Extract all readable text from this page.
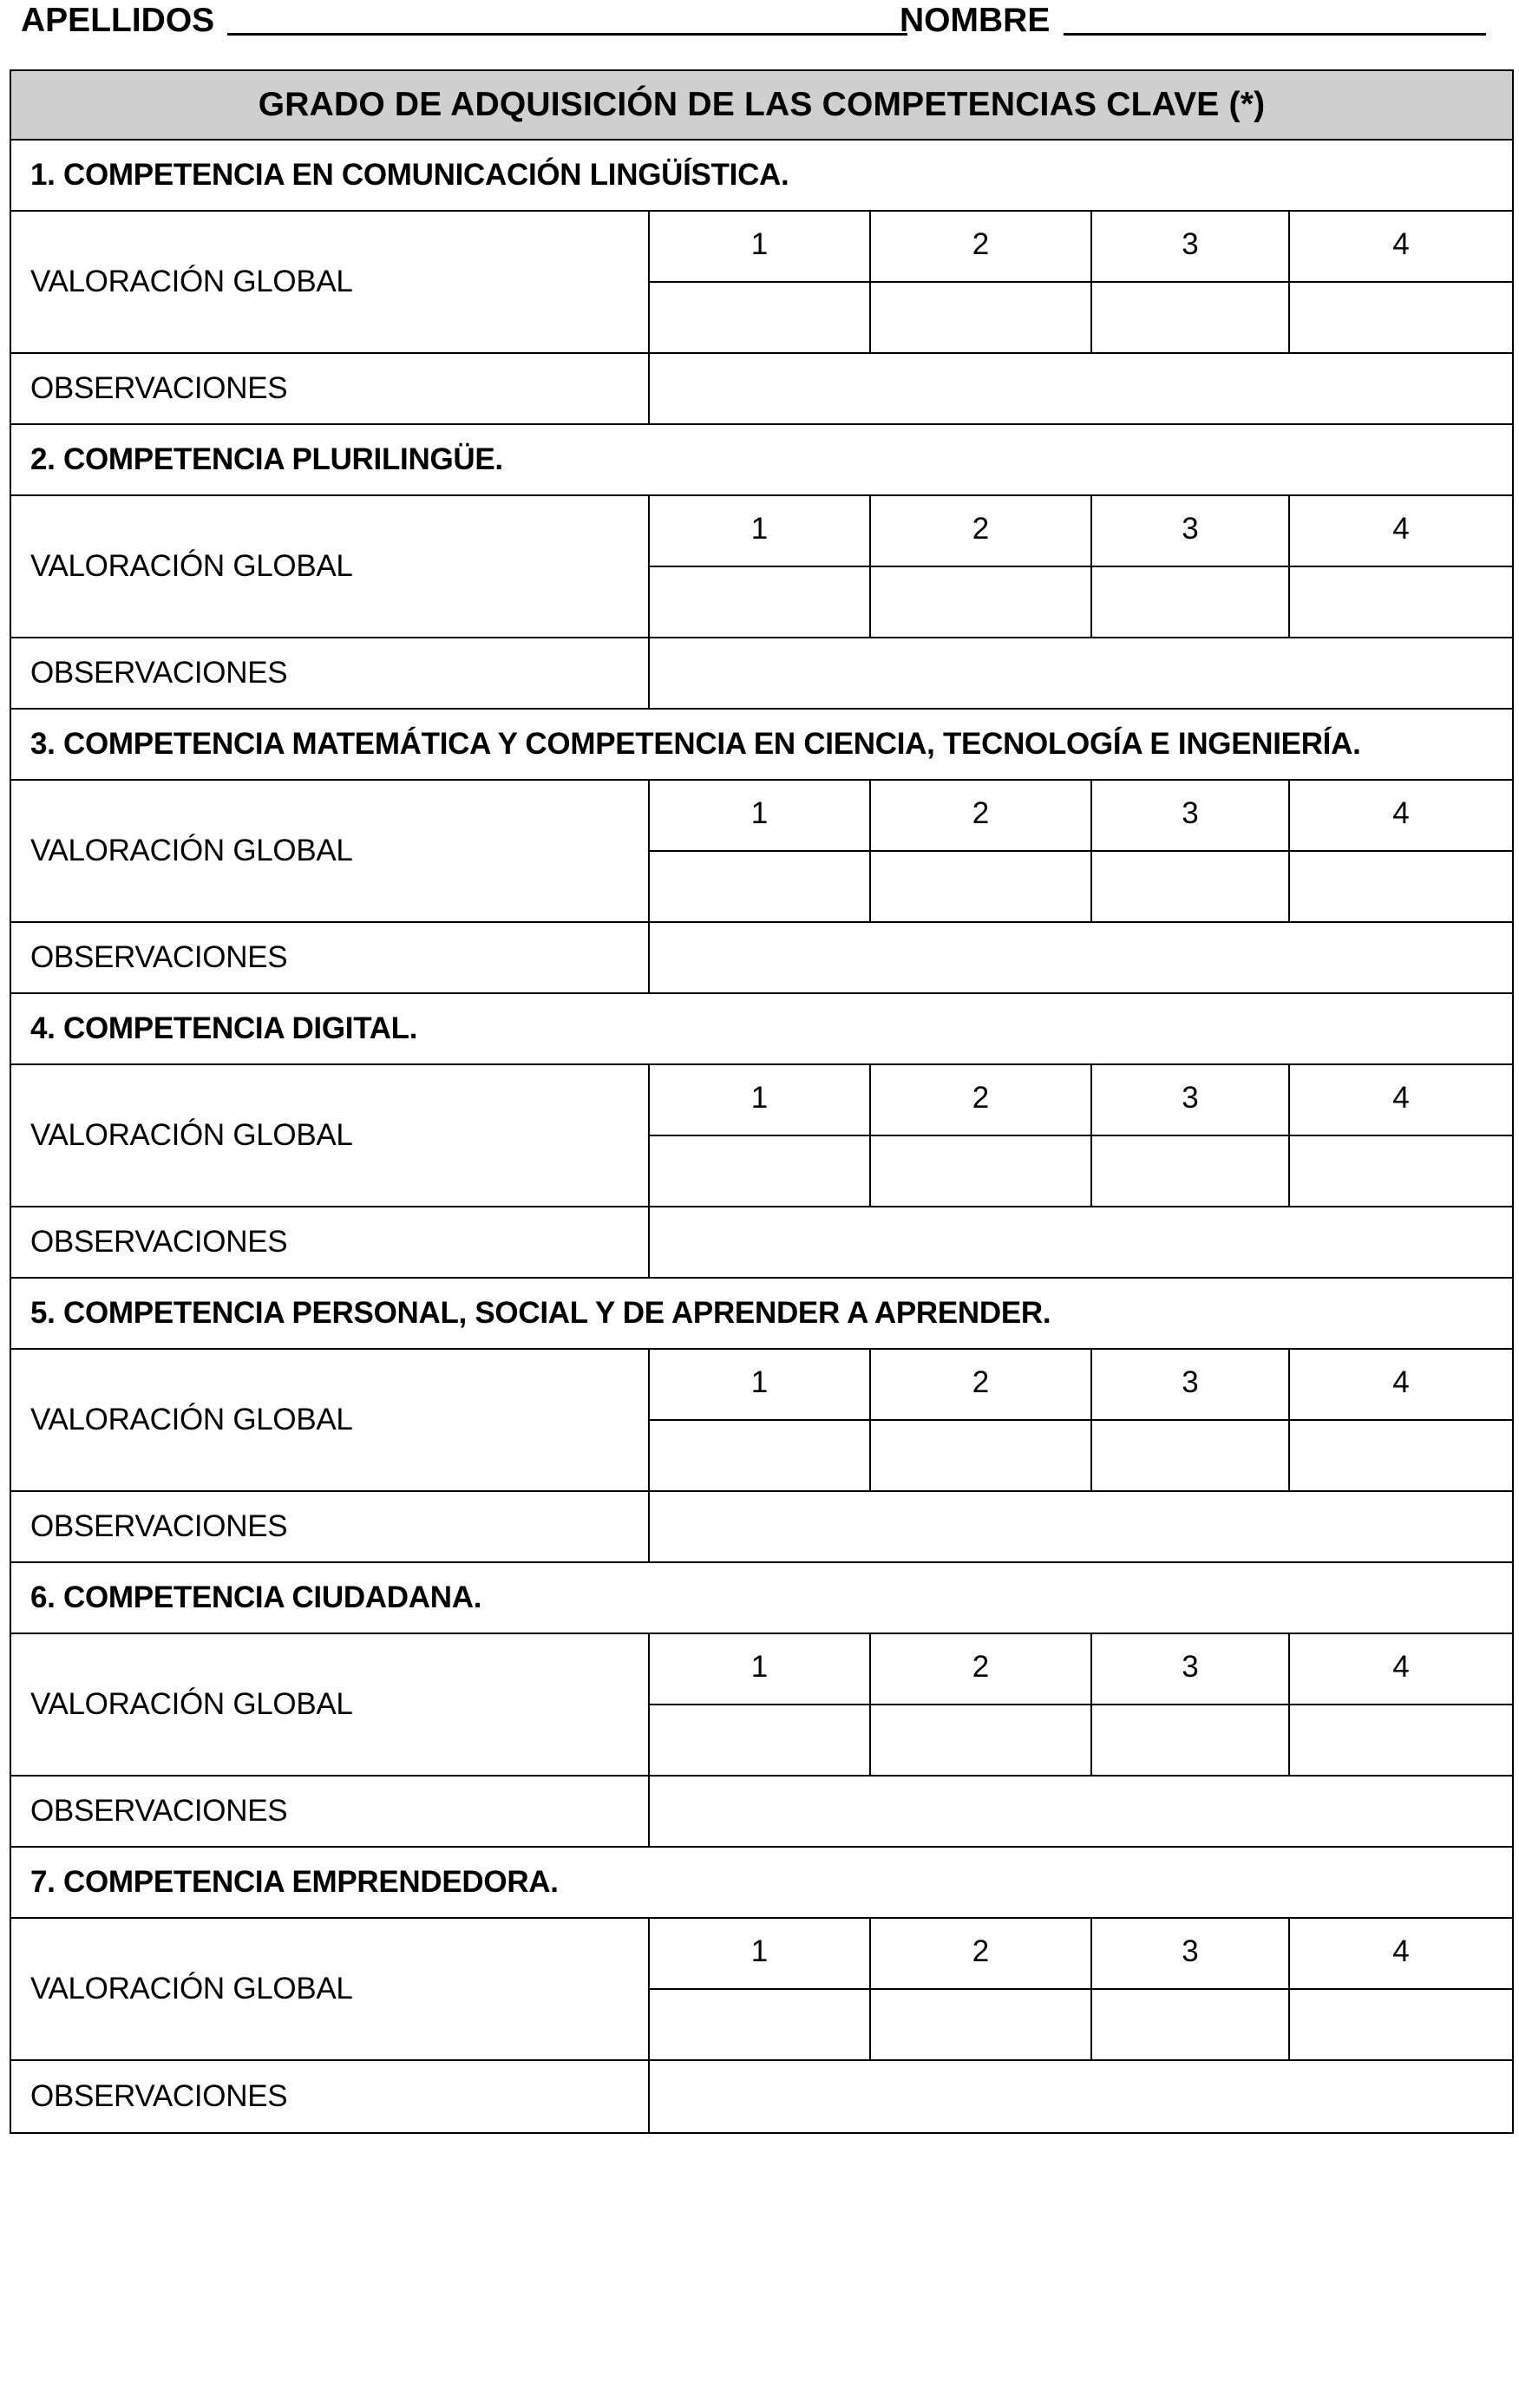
APELLIDOS	NOMBRE
GRADO DE ADQUISICIÓN DE LAS COMPETENCIAS CLAVE (*)
1. COMPETENCIA EN COMUNICACIÓN LINGÜÍSTICA.
VALORACIÓN GLOBAL
1	2	3	4
OBSERVACIONES
2. COMPETENCIA PLURILINGÜE.
VALORACIÓN GLOBAL
1	2	3	4
OBSERVACIONES
3. COMPETENCIA MATEMÁTICA Y COMPETENCIA EN CIENCIA, TECNOLOGÍA E INGENIERÍA.
VALORACIÓN GLOBAL
1	2	3	4
OBSERVACIONES
4. COMPETENCIA DIGITAL.
VALORACIÓN GLOBAL
1	2	3	4
OBSERVACIONES
5. COMPETENCIA PERSONAL, SOCIAL Y DE APRENDER A APRENDER.
VALORACIÓN GLOBAL
1	2	3	4
OBSERVACIONES
6. COMPETENCIA CIUDADANA.
VALORACIÓN GLOBAL
1	2	3	4
OBSERVACIONES
7. COMPETENCIA EMPRENDEDORA.
VALORACIÓN GLOBAL
1	2	3	4
OBSERVACIONES
